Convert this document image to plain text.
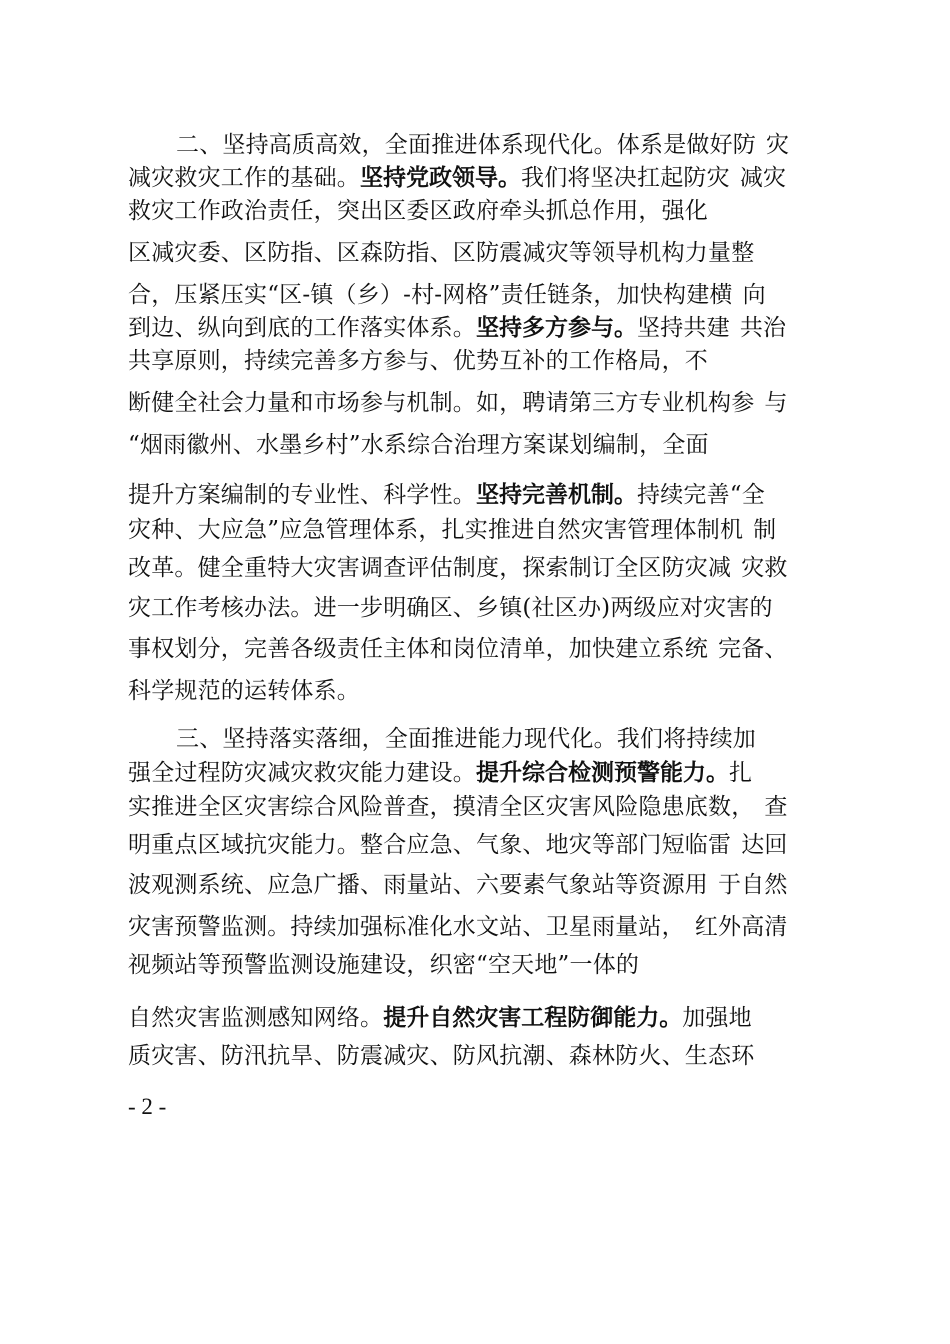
二、坚持高质高效，全面推进体系现代化。体系是做好防 灾
减灾救灾工作的基础。坚持党政领导。我们将坚决扛起防灾 减灾
救灾工作政治责任，突出区委区政府牵头抓总作用，强化
区减灾委、区防指、区森防指、区防震减灾等领导机构力量整
合，压紧压实“区-镇（乡）-村-网格”责任链条，加快构建横 向
到边、纵向到底的工作落实体系。坚持多方参与。坚持共建 共治
共享原则，持续完善多方参与、优势互补的工作格局，不
断健全社会力量和市场参与机制。如，聘请第三方专业机构参 与
“烟雨徽州、水墨乡村”水系综合治理方案谋划编制，全面
提升方案编制的专业性、科学性。坚持完善机制。持续完善“全
灾种、大应急”应急管理体系，扎实推进自然灾害管理体制机 制
改革。健全重特大灾害调查评估制度，探索制订全区防灾减 灾救
灾工作考核办法。进一步明确区、乡镇(社区办)两级应对灾害的
事权划分，完善各级责任主体和岗位清单，加快建立系统 完备、
科学规范的运转体系。
三、坚持落实落细，全面推进能力现代化。我们将持续加
强全过程防灾减灾救灾能力建设。提升综合检测预警能力。扎
实推进全区灾害综合风险普查，摸清全区灾害风险隐患底数， 查
明重点区域抗灾能力。整合应急、气象、地灾等部门短临雷 达回
波观测系统、应急广播、雨量站、六要素气象站等资源用 于自然
灾害预警监测。持续加强标准化水文站、卫星雨量站， 红外高清
视频站等预警监测设施建设，织密“空天地”一体的
自然灾害监测感知网络。提升自然灾害工程防御能力。加强地
质灾害、防汛抗旱、防震减灾、防风抗潮、森林防火、生态环
- 2 -
